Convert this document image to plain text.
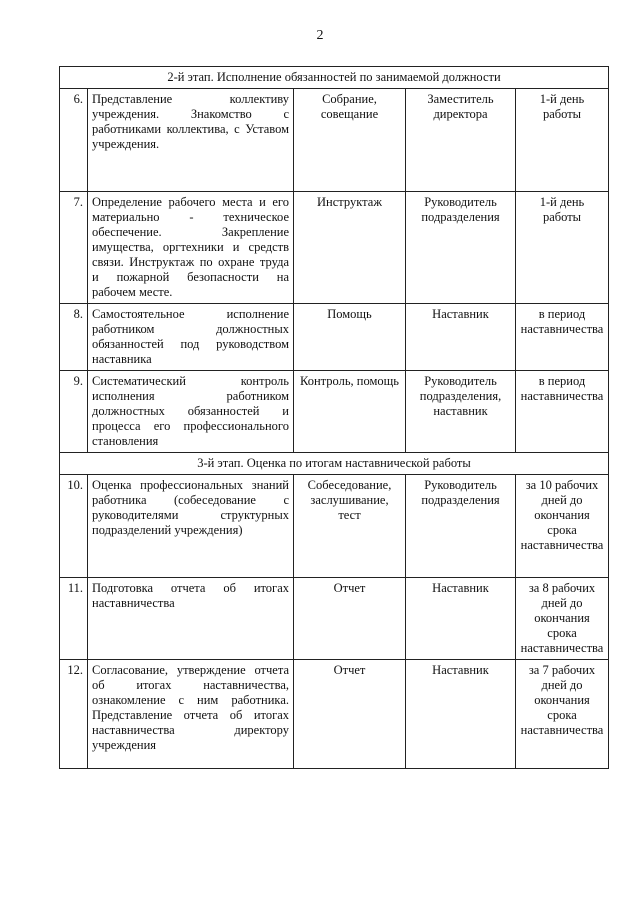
2
2-й этап. Исполнение обязанностей по занимаемой должности				
6.	Представление коллективу учреждения. Знакомство с работниками коллектива, с Уставом учреждения.	Собрание, совещание	Заместитель директора	1-й день работы
7.	Определение рабочего места и его материально - техническое обеспечение. Закрепление имущества, оргтехники и средств связи. Инструктаж по охране труда и пожарной безопасности на рабочем месте.	Инструктаж	Руководитель подразделения	1-й день работы
8.	Самостоятельное исполнение работником должностных обязанностей под руководством наставника	Помощь	Наставник	в период наставничества
9.	Систематический контроль исполнения работником должностных обязанностей и процесса его профессионального становления	Контроль, помощь	Руководитель подразделения, наставник	в период наставничества
3-й этап. Оценка по итогам наставнической работы				
10.	Оценка профессиональных знаний работника (собеседование с руководителями структурных подразделений учреждения)	Собеседование, заслушивание, тест	Руководитель подразделения	за 10 рабочих дней до окончания срока наставничества
11.	Подготовка отчета об итогах наставничества	Отчет	Наставник	за 8 рабочих дней до окончания срока наставничества
12.	Согласование, утверждение отчета об итогах наставничества, ознакомление с ним работника. Представление отчета об итогах наставничества директору учреждения	Отчет	Наставник	за 7 рабочих дней до окончания срока наставничества
